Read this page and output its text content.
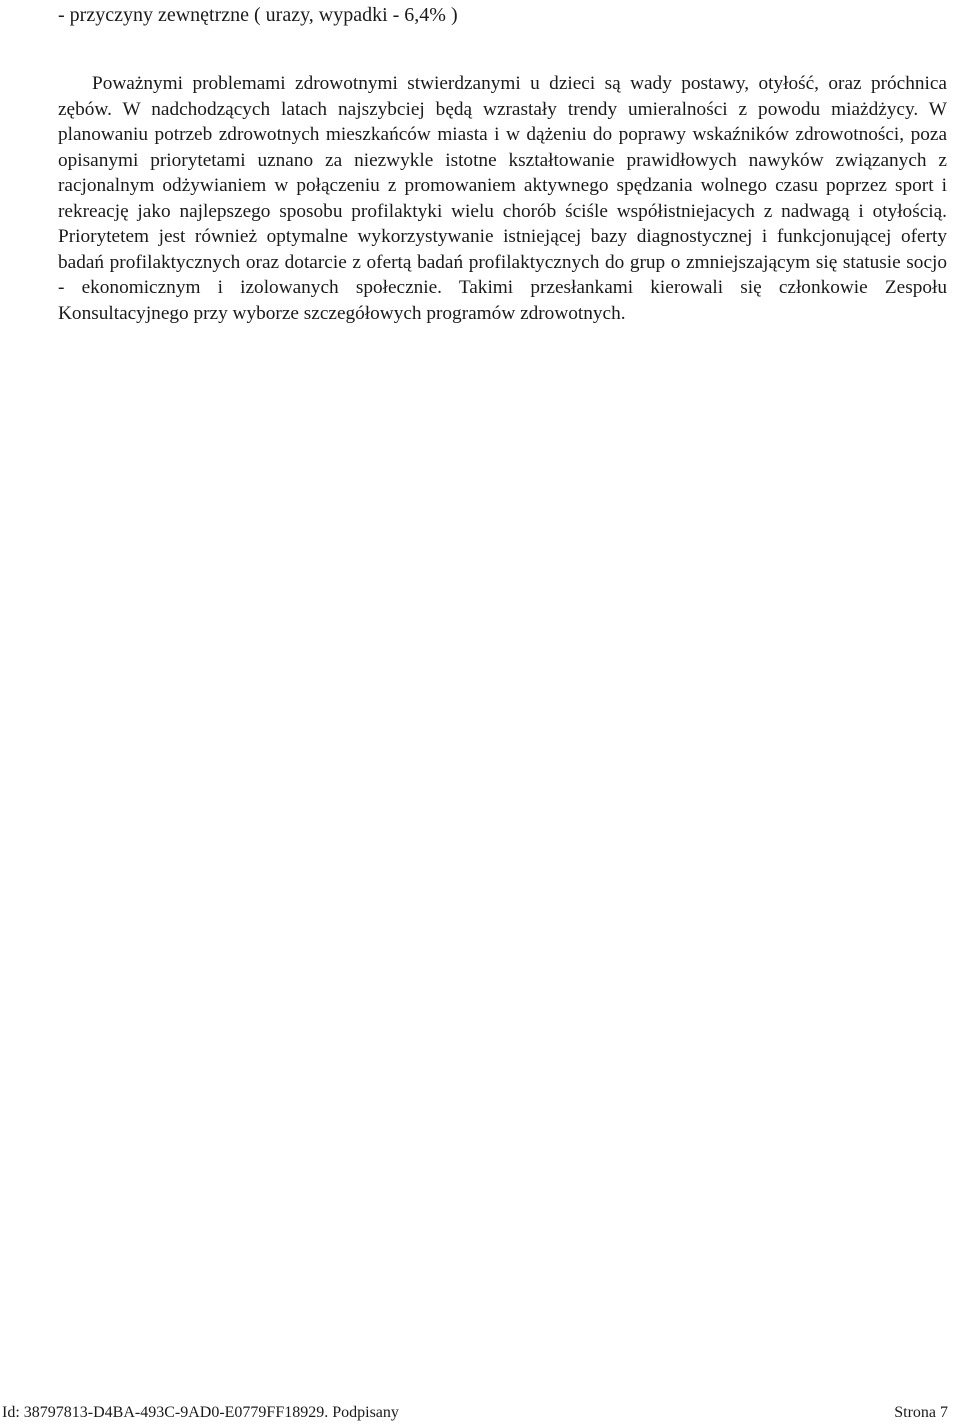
- przyczyny zewnętrzne ( urazy, wypadki - 6,4% )

Poważnymi problemami zdrowotnymi stwierdzanymi u dzieci są wady postawy, otyłość, oraz próchnica zębów. W nadchodzących latach najszybciej będą wzrastały trendy umieralności z powodu miażdżycy. W planowaniu potrzeb zdrowotnych mieszkańców miasta i w dążeniu do poprawy wskaźników zdrowotności, poza opisanymi priorytetami uznano za niezwykle istotne kształtowanie prawidłowych nawyków związanych z racjonalnym odżywianiem w połączeniu z promowaniem aktywnego spędzania wolnego czasu poprzez sport i rekreację jako najlepszego sposobu profilaktyki wielu chorób ściśle współistniejacych z nadwagą i otyłością. Priorytetem jest również optymalne wykorzystywanie istniejącej bazy diagnostycznej i funkcjonującej oferty badań profilaktycznych oraz dotarcie z ofertą badań profilaktycznych do grup o zmniejszającym się statusie socjo - ekonomicznym i izolowanych społecznie. Takimi przesłankami kierowali się członkowie Zespołu Konsultacyjnego przy wyborze szczegółowych programów zdrowotnych.

Id: 38797813-D4BA-493C-9AD0-E0779FF18929. Podpisany	Strona 7
